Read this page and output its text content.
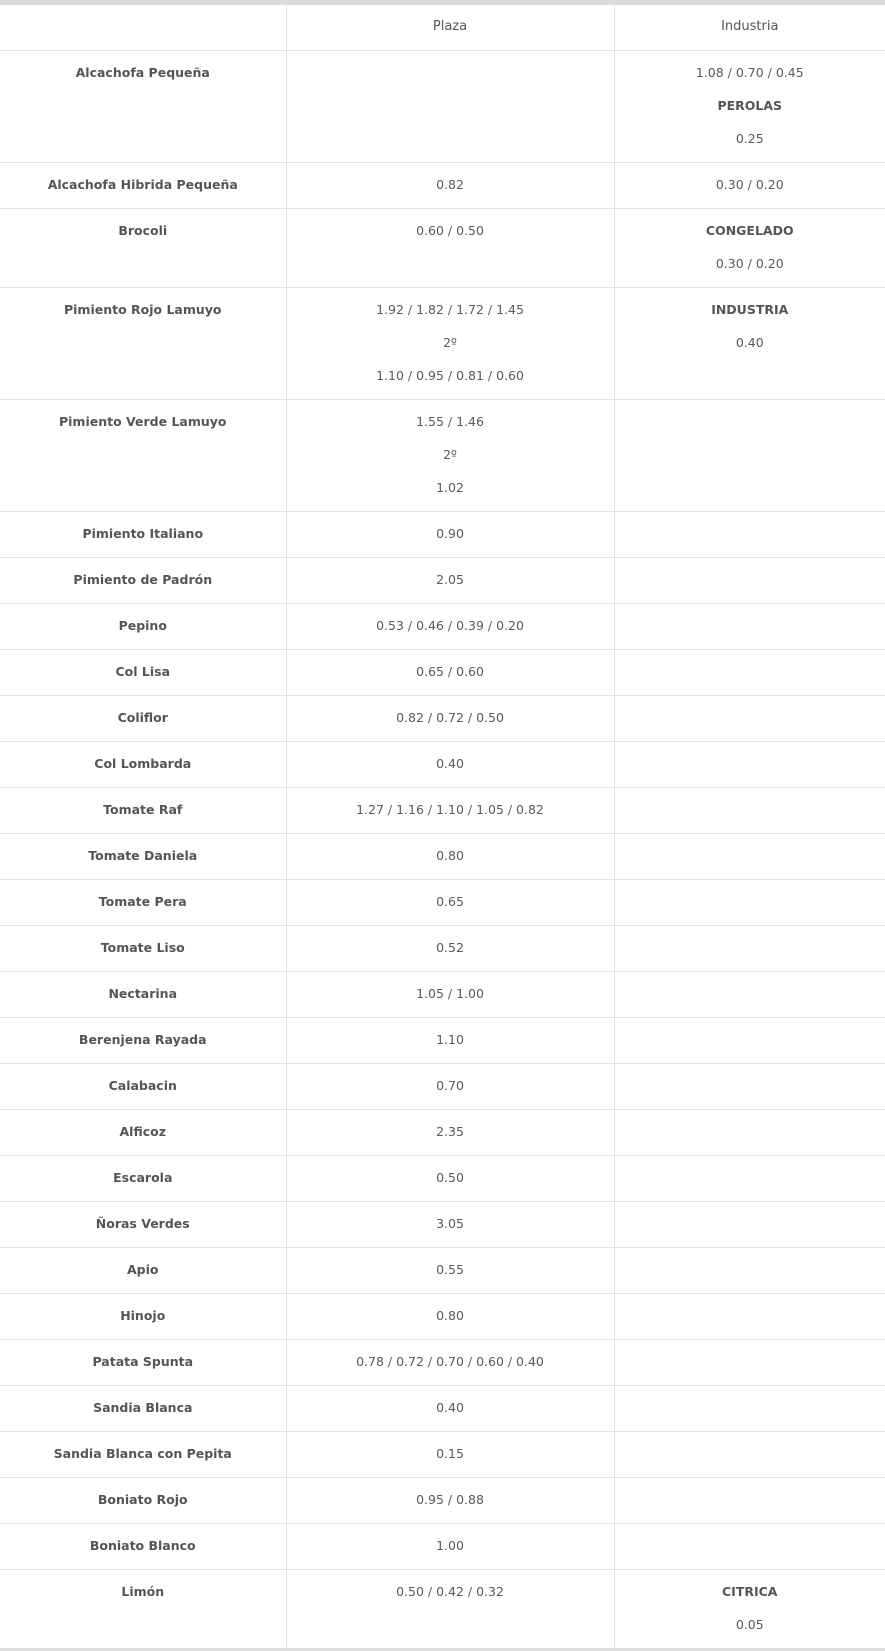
	Plaza	Industria
Alcachofa Pequeña		1.08 / 0.70 / 0.45
PEROLAS
0.25

Alcachofa Hibrida Pequeña	0.82	0.30 / 0.20

Brocoli	0.60 / 0.50	CONGELADO
0.30 / 0.20

Pimiento Rojo Lamuyo	1.92 / 1.82 / 1.72 / 1.45
2º
1.10 / 0.95 / 0.81 / 0.60	INDUSTRIA
0.40

Pimiento Verde Lamuyo	1.55 / 1.46
2º
1.02	

Pimiento Italiano	0.90	

Pimiento de Padrón	2.05	

Pepino	0.53 / 0.46 / 0.39 / 0.20	

Col Lisa	0.65 / 0.60	

Coliflor	0.82 / 0.72 / 0.50	

Col Lombarda	0.40	

Tomate Raf	1.27 / 1.16 / 1.10 / 1.05 / 0.82	

Tomate Daniela	0.80	

Tomate Pera	0.65	

Tomate Liso	0.52	

Nectarina	1.05 / 1.00	

Berenjena Rayada	1.10	

Calabacin	0.70	

Alficoz	2.35	

Escarola	0.50	

Ñoras Verdes	3.05	

Apio	0.55	

Hinojo	0.80	

Patata Spunta	0.78 / 0.72 / 0.70 / 0.60 / 0.40	

Sandia Blanca	0.40	

Sandia Blanca con Pepita	0.15	

Boniato Rojo	0.95 / 0.88	

Boniato Blanco	1.00	

Limón	0.50 / 0.42 / 0.32	CITRICA
0.05
